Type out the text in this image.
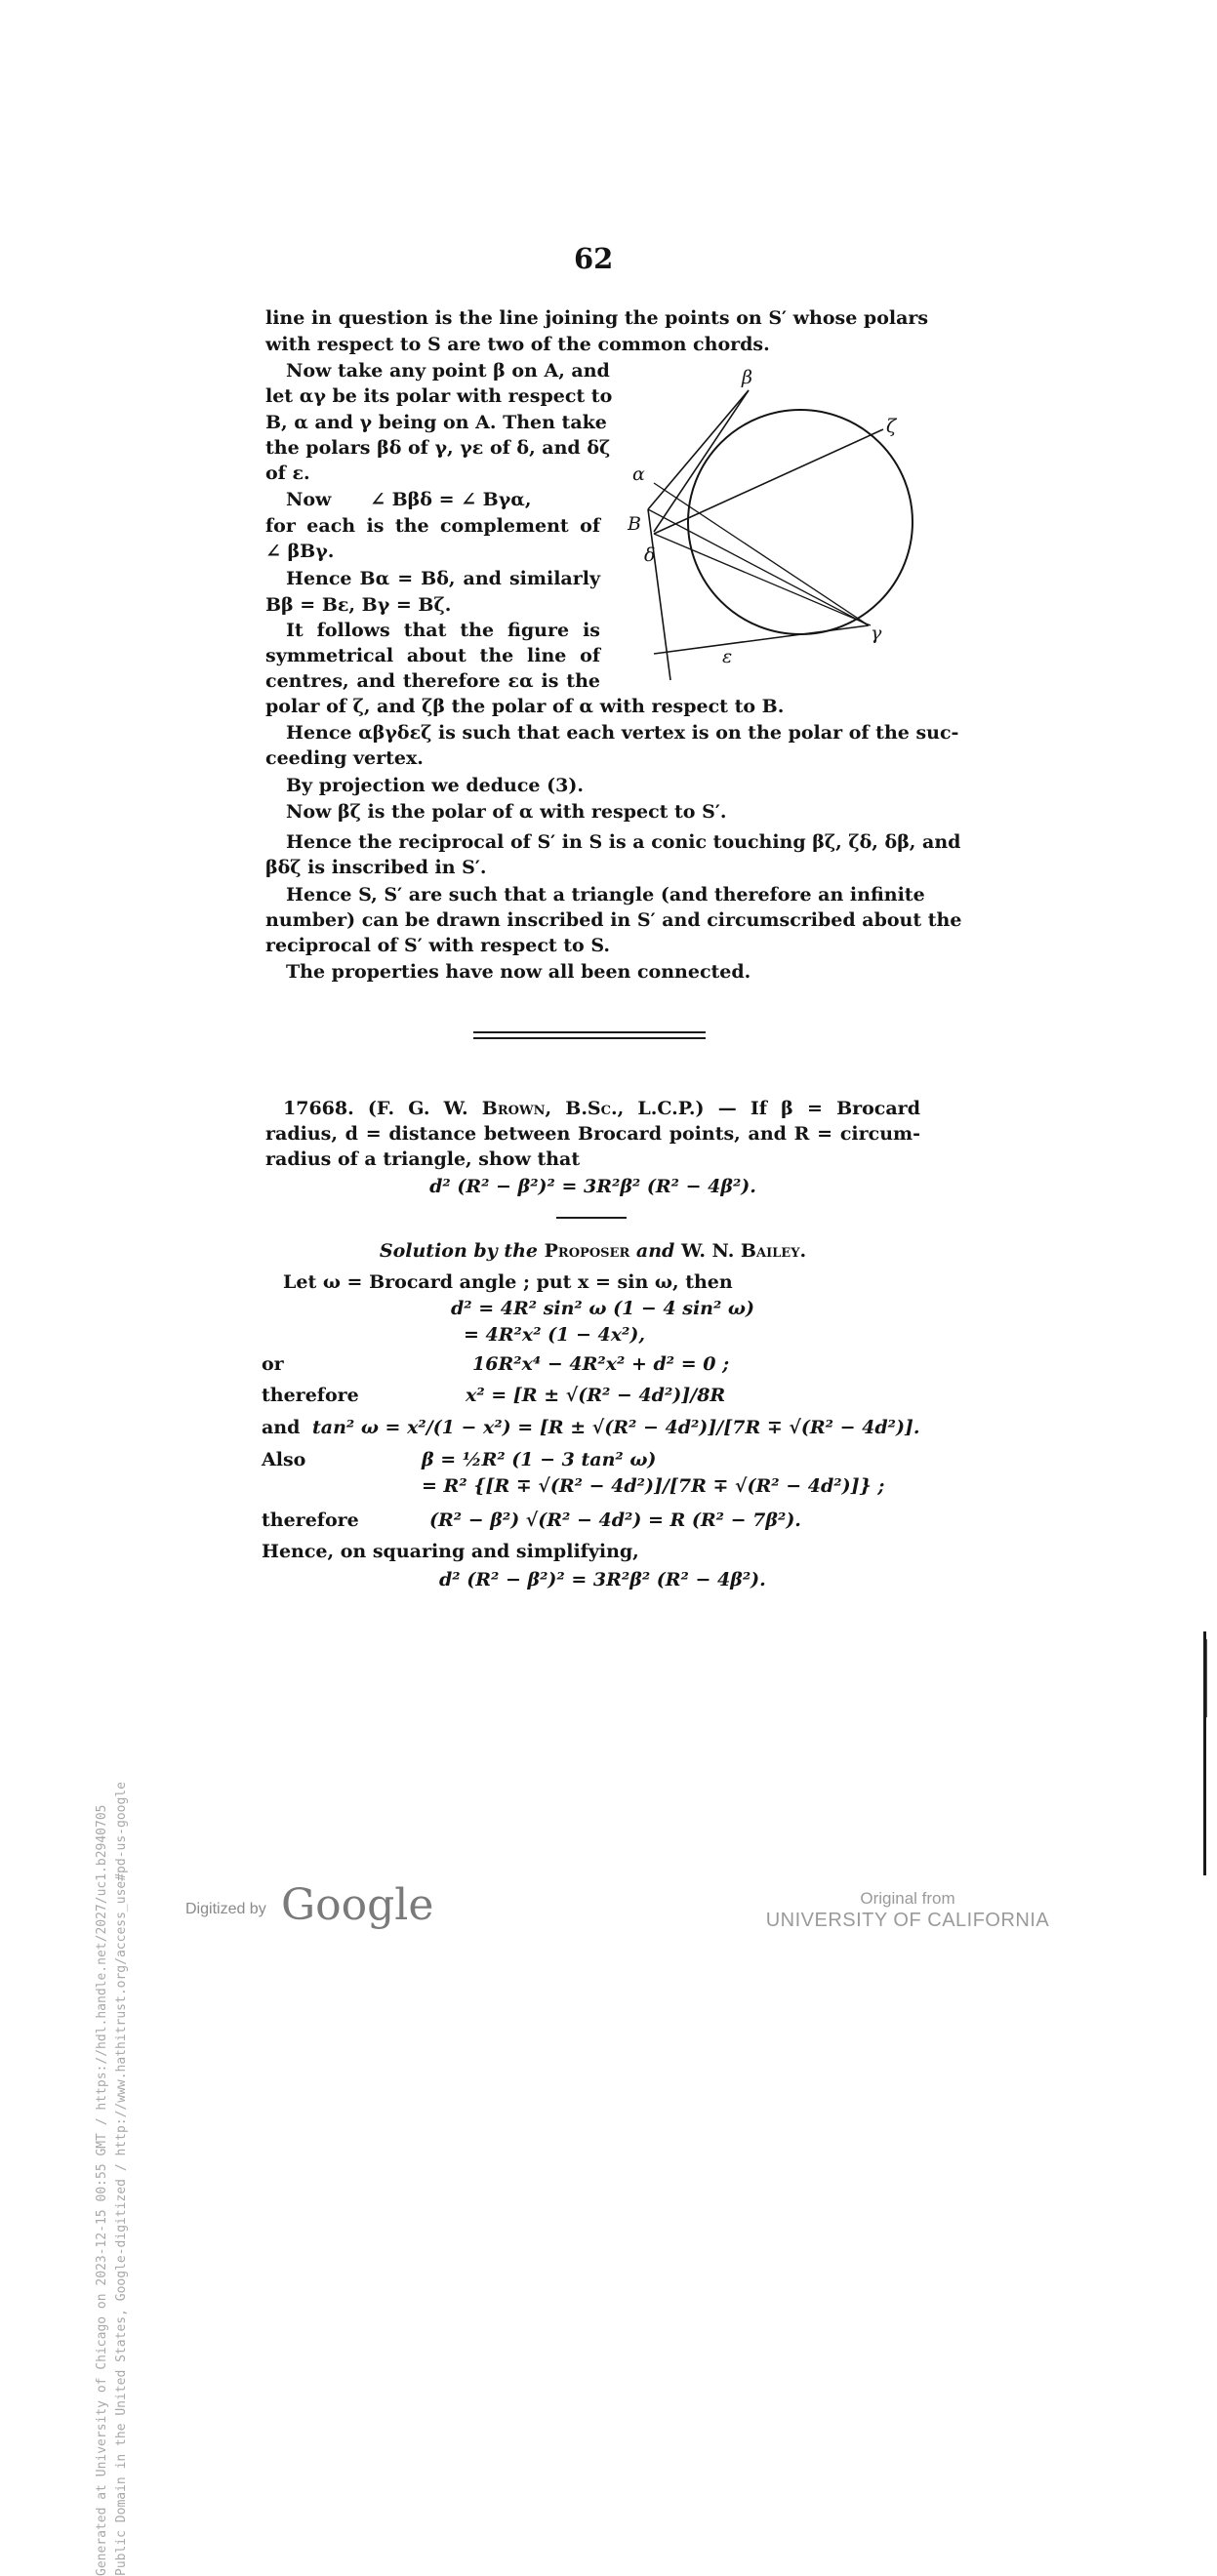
Generated at University of Chicago on 2023-12-15 00:55 GMT / https://hdl.handle.net/2027/uc1.b2940705 Public Domain in the United States, Google-digitized / http://www.hathitrust.org/access_use#pd-us-google
62
line in question is the line joining the points on S′ whose polars
with respect to S are two of the common chords.
Now take any point β on A, and
let αγ be its polar with respect to
B, α and γ being on A. Then take
the polars βδ of γ, γε of δ, and δζ
of ε.
Now      ∠ Bβδ = ∠ Bγα,
for each is the complement of
∠ βBγ.
Hence Bα = Bδ, and similarly
Bβ = Bε, Bγ = Bζ.
It follows that the figure is
symmetrical about the line of
centres, and therefore εα is the
polar of ζ, and ζβ the polar of α with respect to B.
Hence αβγδεζ is such that each vertex is on the polar of the suc-
ceeding vertex.
By projection we deduce (3).
Now βζ is the polar of α with respect to S′.
Hence the reciprocal of S′ in S is a conic touching βζ, ζδ, δβ, and
βδζ is inscribed in S′.
Hence S, S′ are such that a triangle (and therefore an infinite
number) can be drawn inscribed in S′ and circumscribed about the
reciprocal of S′ with respect to S.
The properties have now all been connected.
β
ζ
α
B
δ
γ
ε
17668. (F. G. W. Brown, B.Sc., L.C.P.) — If β = Brocard
radius, d = distance between Brocard points, and R = circum-
radius of a triangle, show that
d² (R² − β²)² = 3R²β² (R² − 4β²).
Solution by the Proposer and W. N. Bailey.
Let ω = Brocard angle ; put x = sin ω, then
d² = 4R² sin² ω (1 − 4 sin² ω)
= 4R²x² (1 − 4x²),
or	16R²x⁴ − 4R²x² + d² = 0 ;
therefore	x² = [R ± √(R² − 4d²)]/8R
and tan² ω = x²/(1 − x²) = [R ± √(R² − 4d²)]/[7R ∓ √(R² − 4d²)].
Also	β = ½R² (1 − 3 tan² ω)
= R² {[R ∓ √(R² − 4d²)]/[7R ∓ √(R² − 4d²)]} ;
therefore	(R² − β²) √(R² − 4d²) = R (R² − 7β²).
Hence, on squaring and simplifying,
d² (R² − β²)² = 3R²β² (R² − 4β²).
Digitized by Google	Original from
UNIVERSITY OF CALIFORNIA
